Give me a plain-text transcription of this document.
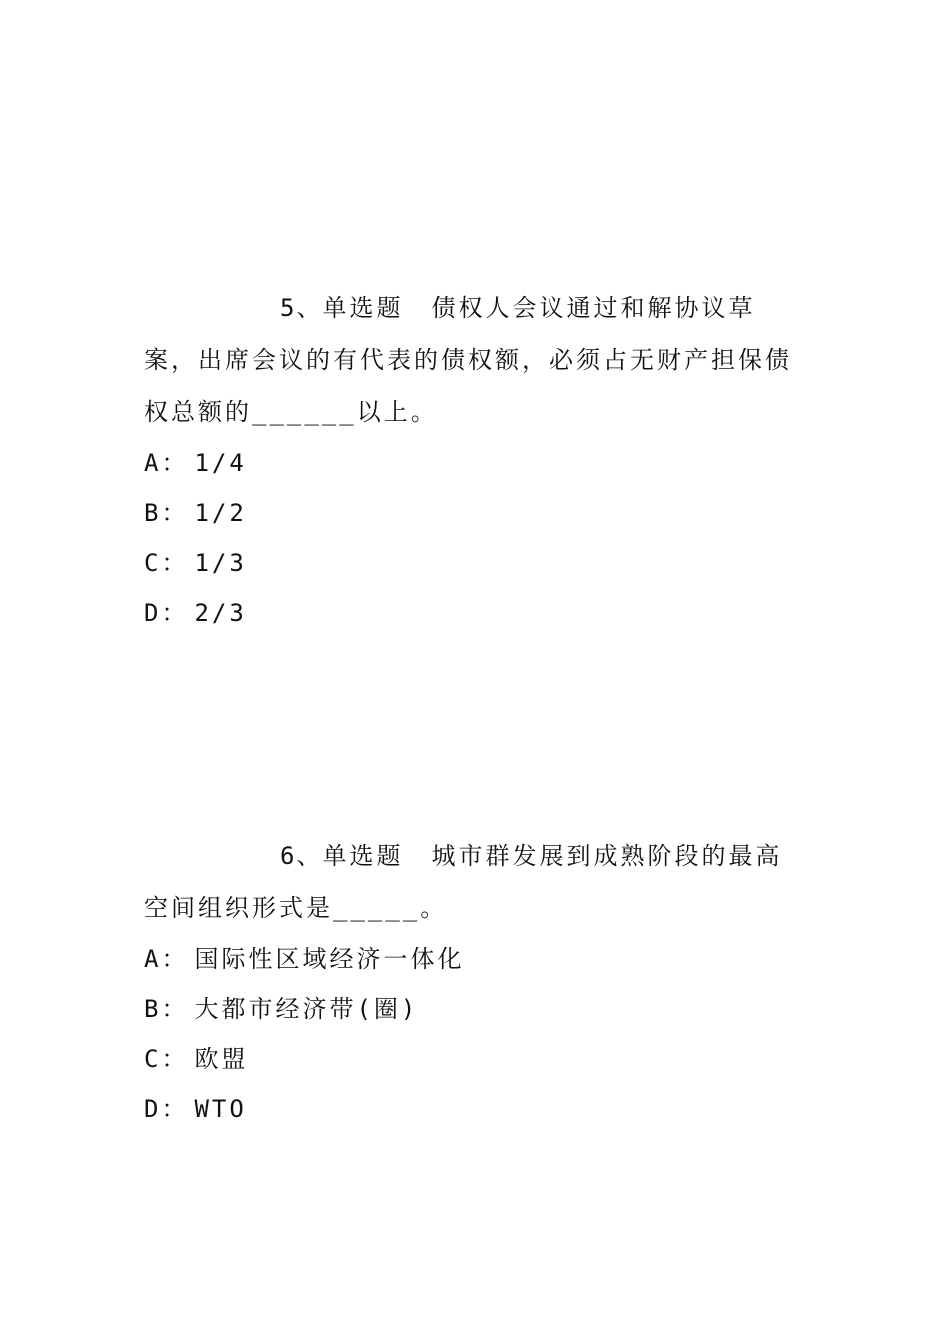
5、单选题 债权人会议通过和解协议草案，出席会议的有代表的债权额，必须占无财产担保债权总额的______以上。

A： 1/4

B： 1/2

C： 1/3

D： 2/3

6、单选题 城市群发展到成熟阶段的最高空间组织形式是_____。

A： 国际性区域经济一体化

B： 大都市经济带(圈)

C： 欧盟

D： WTO
